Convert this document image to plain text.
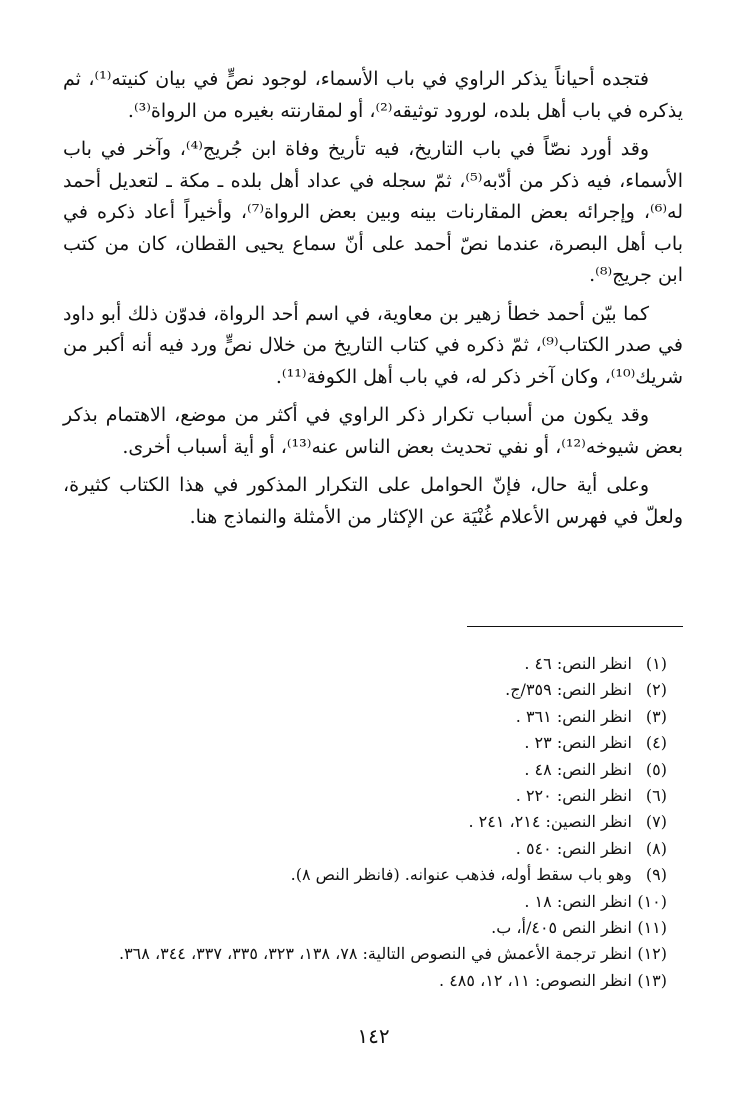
فتجده أحياناً يذكر الراوي في باب الأسماء، لوجود نصٍّ في بيان كنيته⁽¹⁾، ثم يذكره في باب أهل بلده، لورود توثيقه⁽²⁾، أو لمقارنته بغيره من الرواة⁽³⁾.

وقد أورد نصّاً في باب التاريخ، فيه تأريخ وفاة ابن جُريج⁽⁴⁾، وآخر في باب الأسماء، فيه ذكر من أدّبه⁽⁵⁾، ثمّ سجله في عداد أهل بلده ـ مكة ـ لتعديل أحمد له⁽⁶⁾، وإجرائه بعض المقارنات بينه وبين بعض الرواة⁽⁷⁾، وأخيراً أعاد ذكره في باب أهل البصرة، عندما نصّ أحمد على أنّ سماع يحيى القطان، كان من كتب ابن جريج⁽⁸⁾.

كما بيّن أحمد خطأ زهير بن معاوية، في اسم أحد الرواة، فدوّن ذلك أبو داود في صدر الكتاب⁽⁹⁾، ثمّ ذكره في كتاب التاريخ من خلال نصٍّ ورد فيه أنه أكبر من شريك⁽¹⁰⁾، وكان آخر ذكر له، في باب أهل الكوفة⁽¹¹⁾.

وقد يكون من أسباب تكرار ذكر الراوي في أكثر من موضع، الاهتمام بذكر بعض شيوخه⁽¹²⁾، أو نفي تحديث بعض الناس عنه⁽¹³⁾، أو أية أسباب أخرى.

وعلى أية حال، فإنّ الحوامل على التكرار المذكور في هذا الكتاب كثيرة، ولعلّ في فهرس الأعلام غُنْيَة عن الإكثار من الأمثلة والنماذج هنا.

(١) انظر النص: ٤٦ .
(٢) انظر النص: ٣٥٩/ج.
(٣) انظر النص: ٣٦١ .
(٤) انظر النص: ٢٣ .
(٥) انظر النص: ٤٨ .
(٦) انظر النص: ٢٢٠ .
(٧) انظر النصين: ٢١٤، ٢٤١ .
(٨) انظر النص: ٥٤٠ .
(٩) وهو باب سقط أوله، فذهب عنوانه. (فانظر النص ٨).
(١٠) انظر النص: ١٨ .
(١١) انظر النص ٤٠٥/أ، ب.
(١٢) انظر ترجمة الأعمش في النصوص التالية: ٧٨، ١٣٨، ٣٢٣، ٣٣٥، ٣٣٧، ٣٤٤، ٣٦٨.
(١٣) انظر النصوص: ١١، ١٢، ٤٨٥ .
١٤٢
